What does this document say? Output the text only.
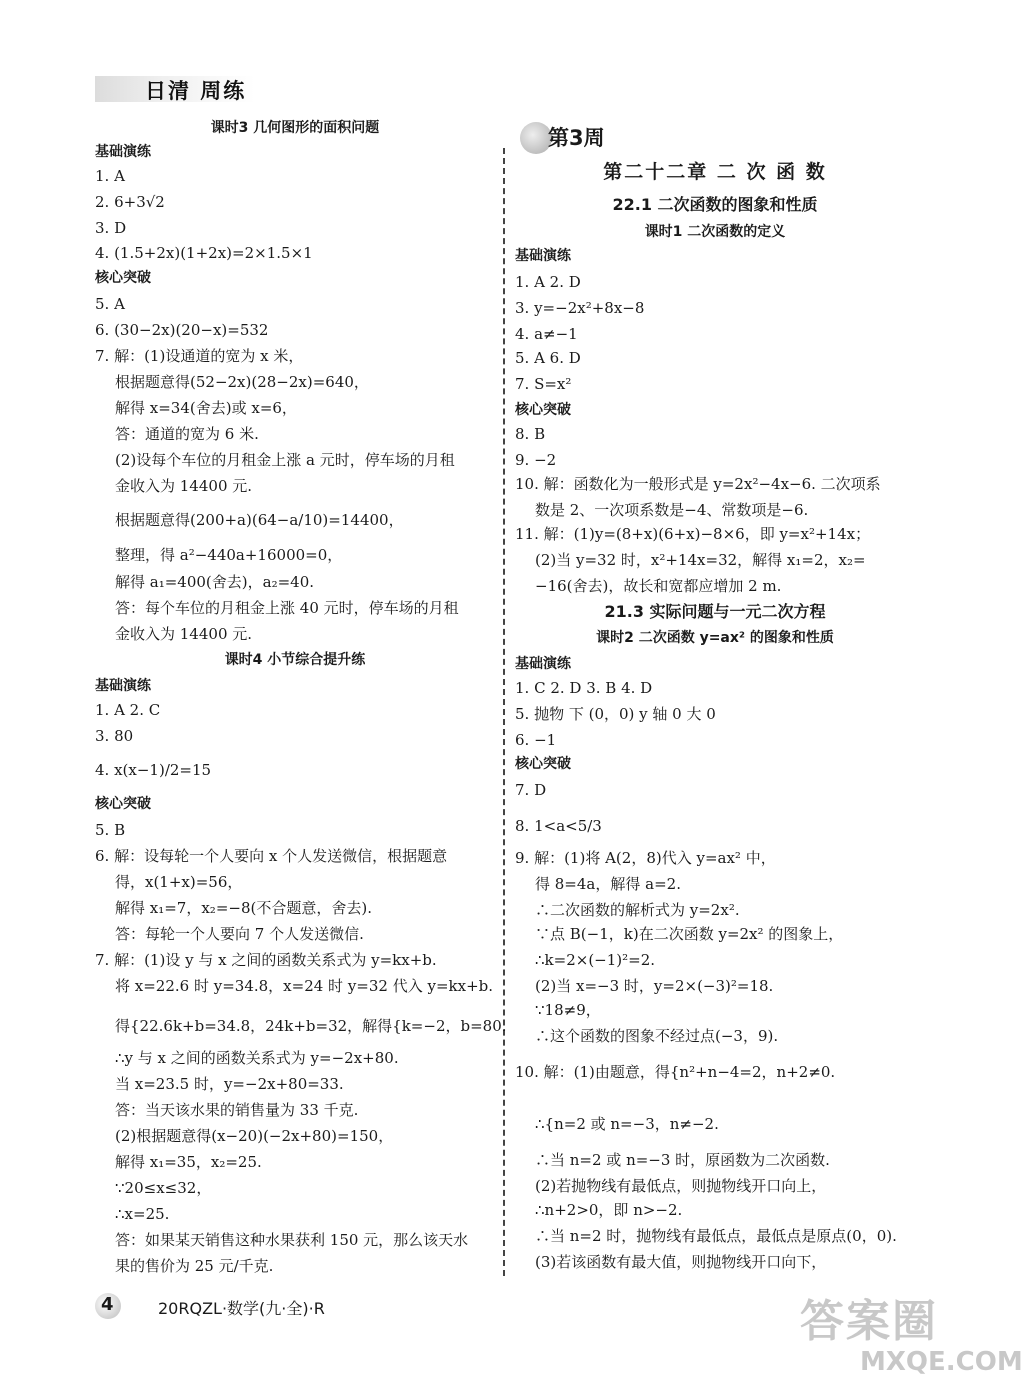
日清 周练
课时3 几何图形的面积问题
基础演练
1. A
2. 6+3√2
3. D
4. (1.5+2x)(1+2x)=2×1.5×1
核心突破
5. A
6. (30−2x)(20−x)=532
7. 解：(1)设通道的宽为 x 米，
根据题意得(52−2x)(28−2x)=640，
解得 x=34(舍去)或 x=6，
答：通道的宽为 6 米.
(2)设每个车位的月租金上涨 a 元时，停车场的月租
金收入为 14400 元.
根据题意得(200+a)(64−a/10)=14400，
整理，得 a²−440a+16000=0，
解得 a₁=400(舍去)，a₂=40.
答：每个车位的月租金上涨 40 元时，停车场的月租
金收入为 14400 元.
课时4 小节综合提升练
基础演练
1. A 2. C
3. 80
4. x(x−1)/2=15
核心突破
5. B
6. 解：设每轮一个人要向 x 个人发送微信，根据题意
得，x(1+x)=56，
解得 x₁=7，x₂=−8(不合题意，舍去).
答：每轮一个人要向 7 个人发送微信.
7. 解：(1)设 y 与 x 之间的函数关系式为 y=kx+b.
将 x=22.6 时 y=34.8，x=24 时 y=32 代入 y=kx+b.
得{22.6k+b=34.8，24k+b=32，解得{k=−2，b=80.
∴y 与 x 之间的函数关系式为 y=−2x+80.
当 x=23.5 时，y=−2x+80=33.
答：当天该水果的销售量为 33 千克.
(2)根据题意得(x−20)(−2x+80)=150，
解得 x₁=35，x₂=25.
∵20≤x≤32，
∴x=25.
答：如果某天销售这种水果获利 150 元，那么该天水
果的售价为 25 元/千克.
第3周
第二十二章 二 次 函 数
22.1 二次函数的图象和性质
课时1 二次函数的定义
基础演练
1. A 2. D
3. y=−2x²+8x−8
4. a≠−1
5. A 6. D
7. S=x²
核心突破
8. B
9. −2
10. 解：函数化为一般形式是 y=2x²−4x−6. 二次项系
数是 2、一次项系数是−4、常数项是−6.
11. 解：(1)y=(8+x)(6+x)−8×6，即 y=x²+14x；
(2)当 y=32 时，x²+14x=32，解得 x₁=2，x₂=
−16(舍去)，故长和宽都应增加 2 m.
21.3 实际问题与一元二次方程
课时2 二次函数 y=ax² 的图象和性质
基础演练
1. C 2. D 3. B 4. D
5. 抛物 下 (0，0) y 轴 0 大 0
6. −1
核心突破
7. D
8. 1<a<5/3
9. 解：(1)将 A(2，8)代入 y=ax² 中，
得 8=4a，解得 a=2.
∴二次函数的解析式为 y=2x².
∵点 B(−1，k)在二次函数 y=2x² 的图象上，
∴k=2×(−1)²=2.
(2)当 x=−3 时，y=2×(−3)²=18.
∵18≠9，
∴这个函数的图象不经过点(−3，9).
10. 解：(1)由题意，得{n²+n−4=2，n+2≠0.
∴{n=2 或 n=−3，n≠−2.
∴当 n=2 或 n=−3 时，原函数为二次函数.
(2)若抛物线有最低点，则抛物线开口向上，
∴n+2>0，即 n>−2.
∴当 n=2 时，抛物线有最低点，最低点是原点(0，0).
(3)若该函数有最大值，则抛物线开口向下，
4	20RQZL·数学(九·全)·R	答案圈
MXQE.COM
